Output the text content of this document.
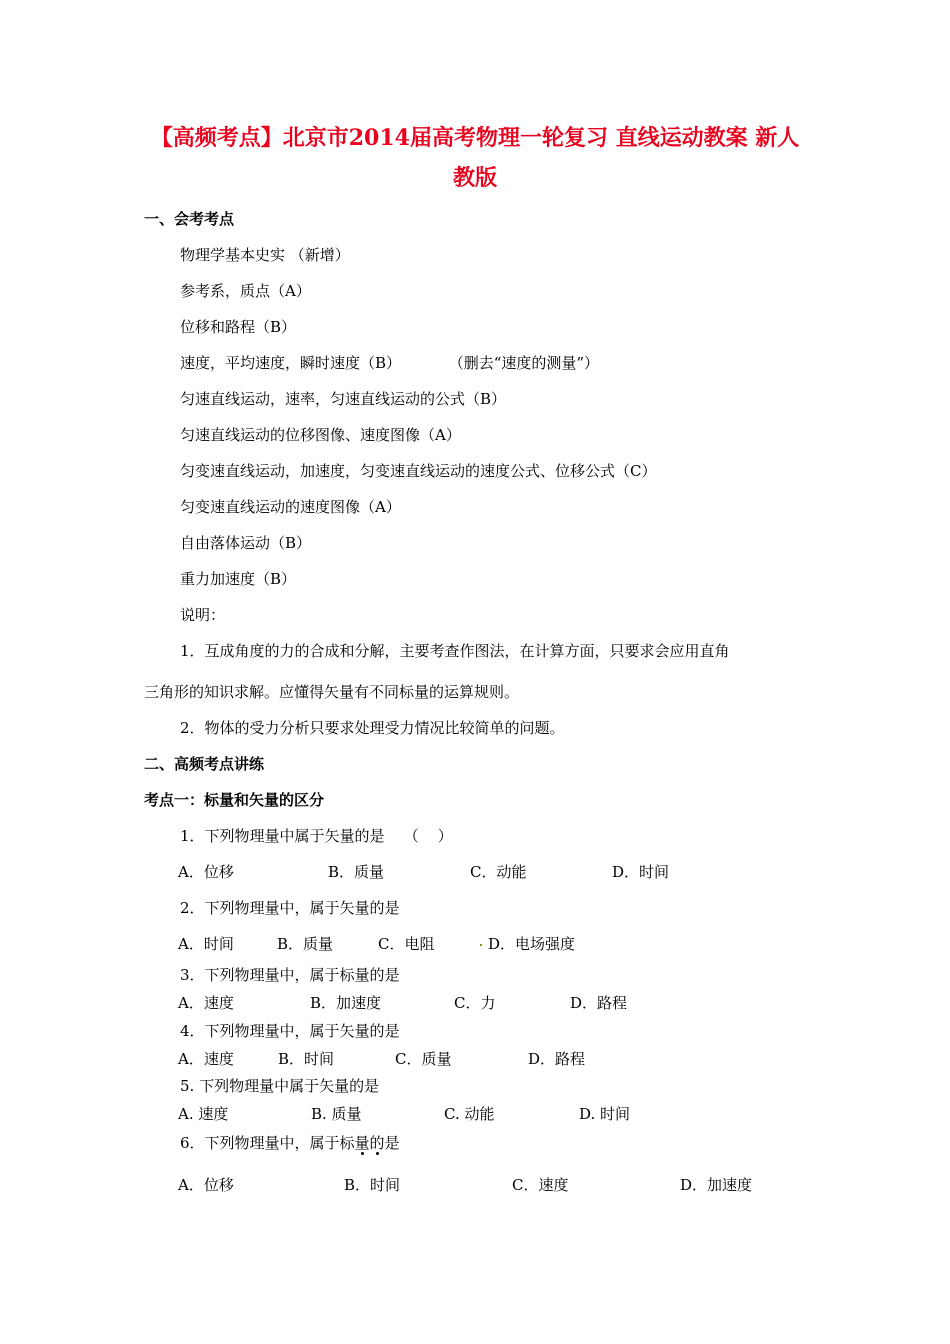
【高频考点】北京市2014届高考物理一轮复习 直线运动教案 新人
教版
一、会考考点
物理学基本史实 （新增）
参考系，质点（A）
位移和路程（B）
速度，平均速度，瞬时速度（B）          （删去“速度的测量”）
匀速直线运动，速率，匀速直线运动的公式（B）
匀速直线运动的位移图像、速度图像（A）
匀变速直线运动，加速度，匀变速直线运动的速度公式、位移公式（C）
匀变速直线运动的速度图像（A）
自由落体运动（B）
重力加速度（B）
说明：
1．互成角度的力的合成和分解，主要考查作图法，在计算方面，只要求会应用直角
三角形的知识求解。应懂得矢量有不同标量的运算规则。
2．物体的受力分析只要求处理受力情况比较简单的问题。
二、高频考点讲练
考点一：标量和矢量的区分
1．下列物理量中属于矢量的是    （    ）
A．位移	B．质量	C．动能	D．时间
2．下列物理量中，属于矢量的是
A．时间	B．质量	C．电阻	D．电场强度
3．下列物理量中，属于标量的是
A．速度	B．加速度	C．力	D．路程
4．下列物理量中，属于矢量的是
A．速度	B．时间	C．质量	D．路程
5. 下列物理量中属于矢量的是
A. 速度	B. 质量	C. 动能	D. 时间
6．下列物理量中，属于标量的是
A．位移	B．时间	C．速度	D．加速度
